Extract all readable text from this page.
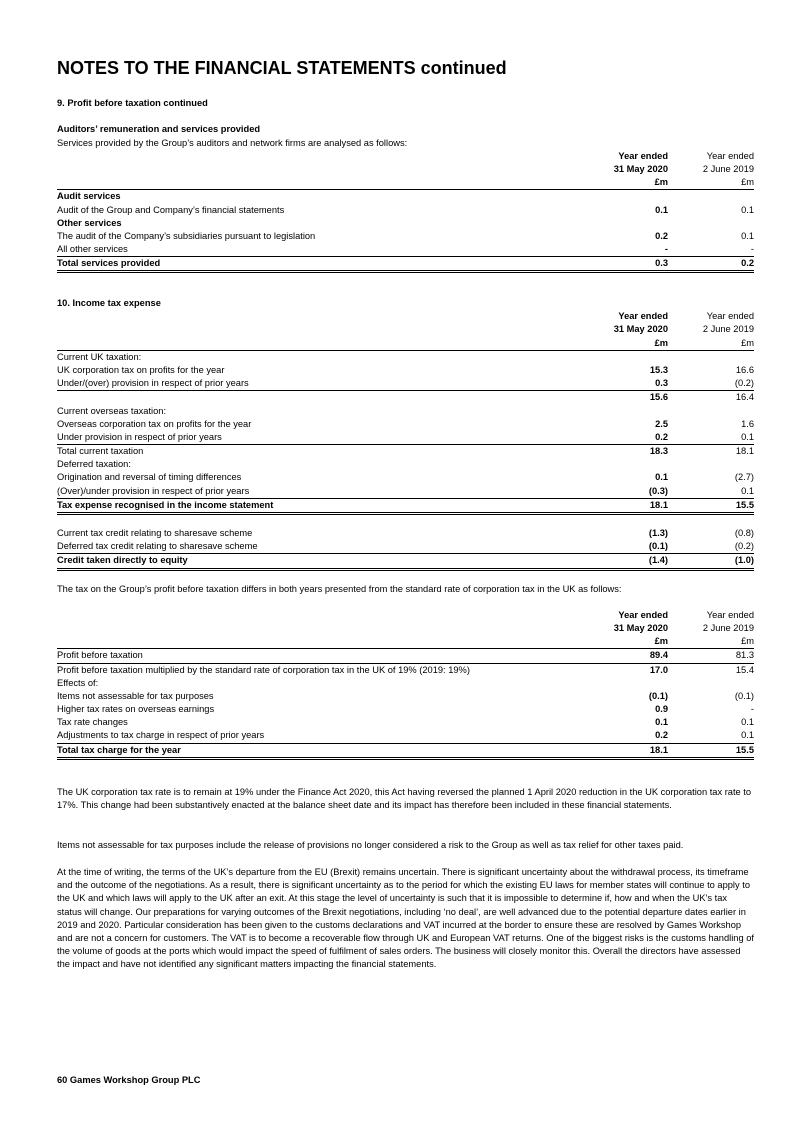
NOTES TO THE FINANCIAL STATEMENTS continued
9. Profit before taxation continued
Auditors’ remuneration and services provided
Services provided by the Group’s auditors and network firms are analysed as follows:
Year ended	Year ended
31 May 2020	2 June 2019
£m	£m
Audit services
Audit of the Group and Company’s financial statements	0.1	0.1
Other services
The audit of the Company’s subsidiaries pursuant to legislation	0.2	0.1
All other services	-	-
Total services provided	0.3	0.2
10. Income tax expense
Year ended	Year ended
31 May 2020	2 June 2019
£m	£m
Current UK taxation:
UK corporation tax on profits for the year	15.3	16.6
Under/(over) provision in respect of prior years	0.3	(0.2)
15.6	16.4
Current overseas taxation:
Overseas corporation tax on profits for the year	2.5	1.6
Under provision in respect of prior years	0.2	0.1
Total current taxation	18.3	18.1
Deferred taxation:
Origination and reversal of timing differences	0.1	(2.7)
(Over)/under provision in respect of prior years	(0.3)	0.1
Tax expense recognised in the income statement	18.1	15.5
Current tax credit relating to sharesave scheme	(1.3)	(0.8)
Deferred tax credit relating to sharesave scheme	(0.1)	(0.2)
Credit taken directly to equity	(1.4)	(1.0)
The tax on the Group’s profit before taxation differs in both years presented from the standard rate of corporation tax in the UK as follows:
Year ended	Year ended
31 May 2020	2 June 2019
£m	£m
Profit before taxation	89.4	81.3
Profit before taxation multiplied by the standard rate of corporation tax in the UK of 19% (2019: 19%)	17.0	15.4
Effects of:
Items not assessable for tax purposes	(0.1)	(0.1)
Higher tax rates on overseas earnings	0.9	-
Tax rate changes	0.1	0.1
Adjustments to tax charge in respect of prior years	0.2	0.1
Total tax charge for the year	18.1	15.5
The UK corporation tax rate is to remain at 19% under the Finance Act 2020, this Act having reversed the planned 1 April 2020 reduction in the UK corporation tax rate to 17%. This change had been substantively enacted at the balance sheet date and its impact has therefore been included in these financial statements.
Items not assessable for tax purposes include the release of provisions no longer considered a risk to the Group as well as tax relief for other taxes paid.
At the time of writing, the terms of the UK’s departure from the EU (Brexit) remains uncertain. There is significant uncertainty about the withdrawal process, its timeframe and the outcome of the negotiations. As a result, there is significant uncertainty as to the period for which the existing EU laws for member states will continue to apply to the UK and which laws will apply to the UK after an exit. At this stage the level of uncertainty is such that it is impossible to determine if, how and when the UK’s tax status will change. Our preparations for varying outcomes of the Brexit negotiations, including ‘no deal’, are well advanced due to the potential departure dates earlier in 2019 and 2020. Particular consideration has been given to the customs declarations and VAT incurred at the border to ensure these are resolved by Games Workshop and are not a concern for customers. The VAT is to become a recoverable flow through UK and European VAT returns. One of the biggest risks is the customs handling of the volume of goods at the ports which would impact the speed of fulfilment of sales orders. The business will closely monitor this. Overall the directors have assessed the impact and have not identified any significant matters impacting the financial statements.
60 Games Workshop Group PLC
